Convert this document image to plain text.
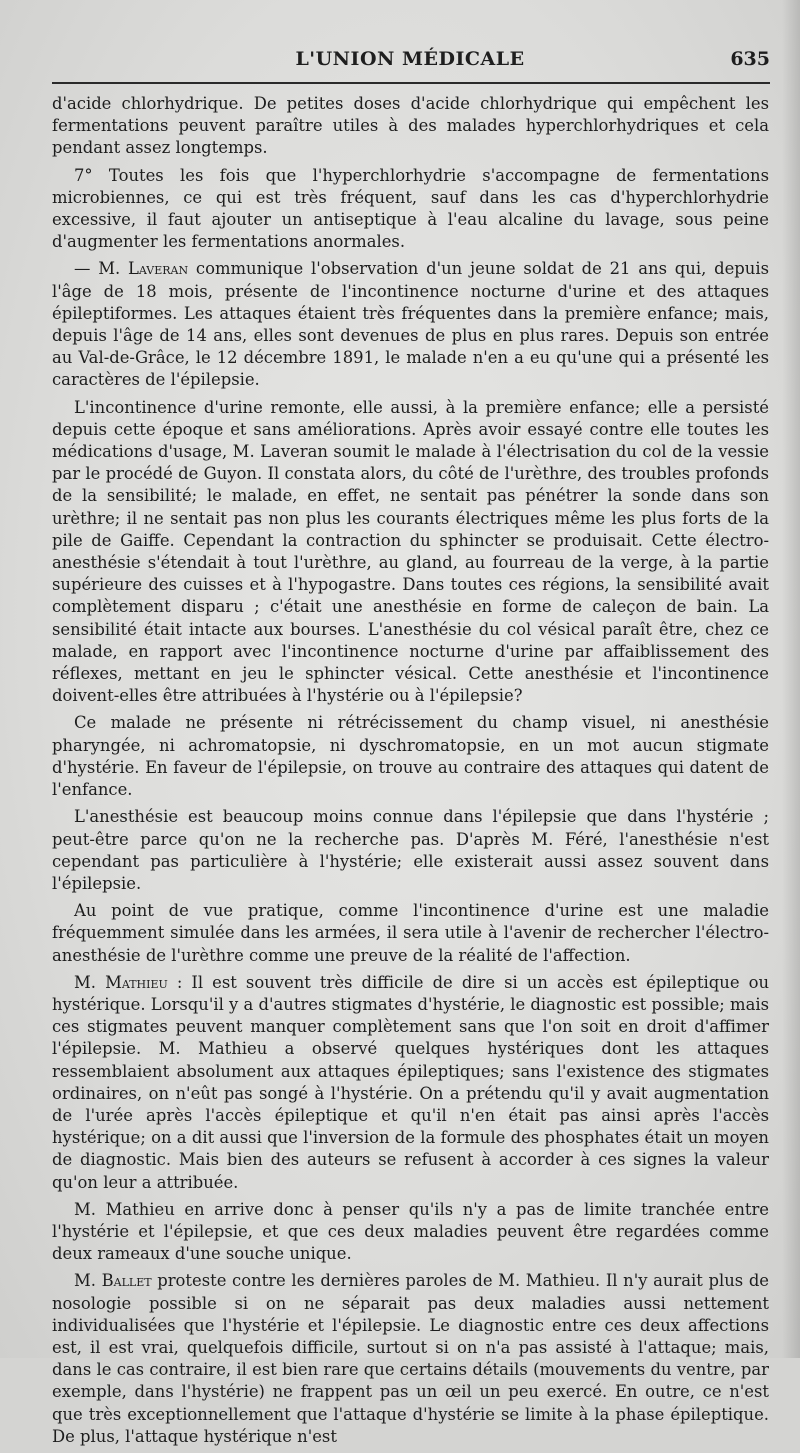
L'UNION MÉDICALE	635

d'acide chlorhydrique. De petites doses d'acide chlorhydrique qui empêchent les fermentations peuvent paraître utiles à des malades hyperchlorhydriques et cela pendant assez longtemps.

7° Toutes les fois que l'hyperchlorhydrie s'accompagne de fermentations microbiennes, ce qui est très fréquent, sauf dans les cas d'hyperchlorhydrie excessive, il faut ajouter un antiseptique à l'eau alcaline du lavage, sous peine d'augmenter les fermentations anormales.

— M. Laveran communique l'observation d'un jeune soldat de 21 ans qui, depuis l'âge de 18 mois, présente de l'incontinence nocturne d'urine et des attaques épileptiformes. Les attaques étaient très fréquentes dans la première enfance; mais, depuis l'âge de 14 ans, elles sont devenues de plus en plus rares. Depuis son entrée au Val-de-Grâce, le 12 décembre 1891, le malade n'en a eu qu'une qui a présenté les caractères de l'épilepsie.

L'incontinence d'urine remonte, elle aussi, à la première enfance; elle a persisté depuis cette époque et sans améliorations. Après avoir essayé contre elle toutes les médications d'usage, M. Laveran soumit le malade à l'électrisation du col de la vessie par le procédé de Guyon. Il constata alors, du côté de l'urèthre, des troubles profonds de la sensibilité; le malade, en effet, ne sentait pas pénétrer la sonde dans son urèthre; il ne sentait pas non plus les courants électriques même les plus forts de la pile de Gaiffe. Cependant la contraction du sphincter se produisait. Cette électro-anesthésie s'étendait à tout l'urèthre, au gland, au fourreau de la verge, à la partie supérieure des cuisses et à l'hypogastre. Dans toutes ces régions, la sensibilité avait complètement disparu ; c'était une anesthésie en forme de caleçon de bain. La sensibilité était intacte aux bourses. L'anesthésie du col vésical paraît être, chez ce malade, en rapport avec l'incontinence nocturne d'urine par affaiblissement des réflexes, mettant en jeu le sphincter vésical. Cette anesthésie et l'incontinence doivent-elles être attribuées à l'hystérie ou à l'épilepsie?

Ce malade ne présente ni rétrécissement du champ visuel, ni anesthésie pharyngée, ni achromatopsie, ni dyschromatopsie, en un mot aucun stigmate d'hystérie. En faveur de l'épilepsie, on trouve au contraire des attaques qui datent de l'enfance.

L'anesthésie est beaucoup moins connue dans l'épilepsie que dans l'hystérie ; peut-être parce qu'on ne la recherche pas. D'après M. Féré, l'anesthésie n'est cependant pas particulière à l'hystérie; elle existerait aussi assez souvent dans l'épilepsie.

Au point de vue pratique, comme l'incontinence d'urine est une maladie fréquemment simulée dans les armées, il sera utile à l'avenir de rechercher l'électro-anesthésie de l'urèthre comme une preuve de la réalité de l'affection.

M. Mathieu : Il est souvent très difficile de dire si un accès est épileptique ou hystérique. Lorsqu'il y a d'autres stigmates d'hystérie, le diagnostic est possible; mais ces stigmates peuvent manquer complètement sans que l'on soit en droit d'affimer l'épilepsie. M. Mathieu a observé quelques hystériques dont les attaques ressemblaient absolument aux attaques épileptiques; sans l'existence des stigmates ordinaires, on n'eût pas songé à l'hystérie. On a prétendu qu'il y avait augmentation de l'urée après l'accès épileptique et qu'il n'en était pas ainsi après l'accès hystérique; on a dit aussi que l'inversion de la formule des phosphates était un moyen de diagnostic. Mais bien des auteurs se refusent à accorder à ces signes la valeur qu'on leur a attribuée.

M. Mathieu en arrive donc à penser qu'ils n'y a pas de limite tranchée entre l'hystérie et l'épilepsie, et que ces deux maladies peuvent être regardées comme deux rameaux d'une souche unique.

M. Ballet proteste contre les dernières paroles de M. Mathieu. Il n'y aurait plus de nosologie possible si on ne séparait pas deux maladies aussi nettement individualisées que l'hystérie et l'épilepsie. Le diagnostic entre ces deux affections est, il est vrai, quelquefois difficile, surtout si on n'a pas assisté à l'attaque; mais, dans le cas contraire, il est bien rare que certains détails (mouvements du ventre, par exemple, dans l'hystérie) ne frappent pas un œil un peu exercé. En outre, ce n'est que très exceptionnellement que l'attaque d'hystérie se limite à la phase épileptique. De plus, l'attaque hystérique n'est
